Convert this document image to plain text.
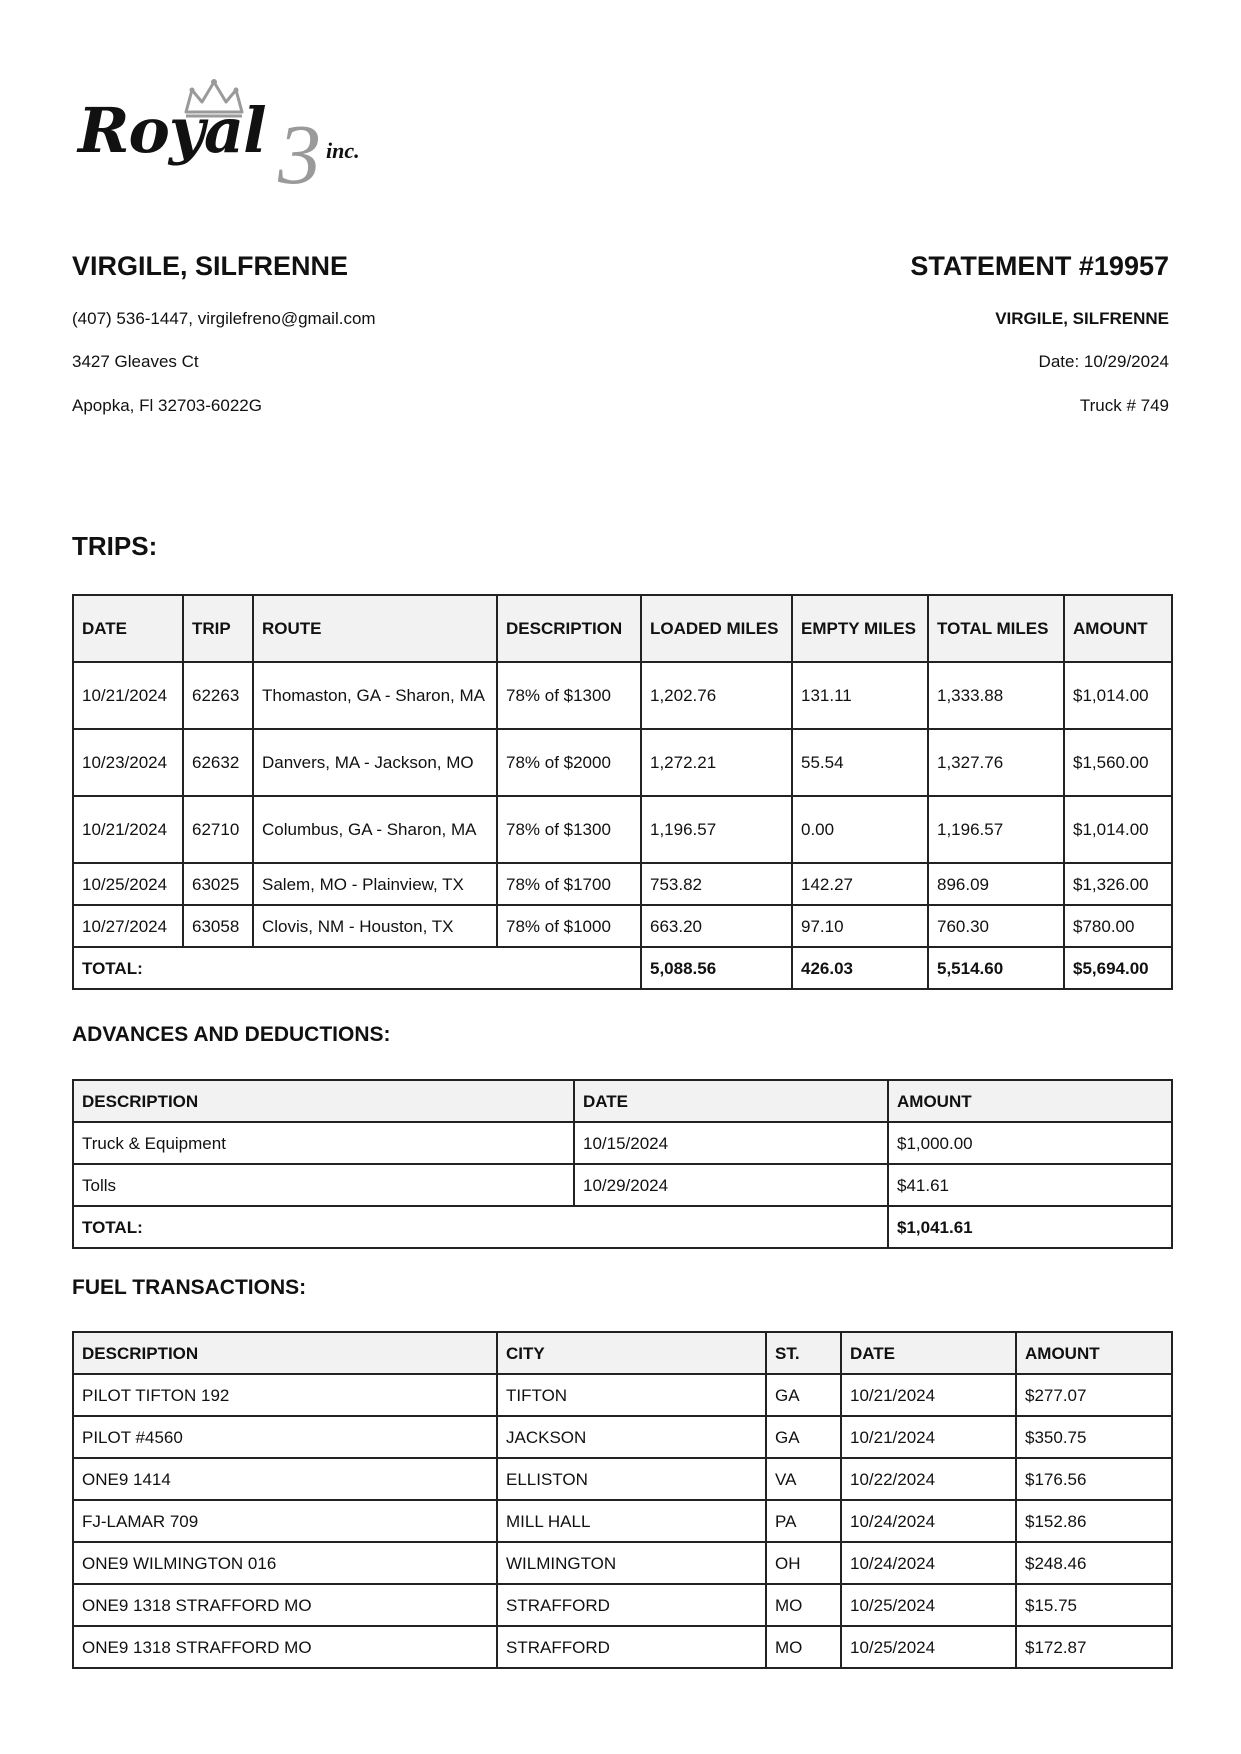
3
Royal	inc.
VIRGILE, SILFRENNE
(407) 536-1447, virgilefreno@gmail.com
3427 Gleaves Ct
Apopka, Fl 32703-6022G
STATEMENT #19957
VIRGILE, SILFRENNE
Date: 10/29/2024
Truck # 749
TRIPS:
DATE	TRIP	ROUTE	DESCRIPTION	LOADED MILES	EMPTY MILES	TOTAL MILES	AMOUNT
10/21/2024	62263	Thomaston, GA - Sharon, MA	78% of $1300	1,202.76	131.11	1,333.88	$1,014.00
10/23/2024	62632	Danvers, MA - Jackson, MO	78% of $2000	1,272.21	55.54	1,327.76	$1,560.00
10/21/2024	62710	Columbus, GA - Sharon, MA	78% of $1300	1,196.57	0.00	1,196.57	$1,014.00
10/25/2024	63025	Salem, MO - Plainview, TX	78% of $1700	753.82	142.27	896.09	$1,326.00
10/27/2024	63058	Clovis, NM - Houston, TX	78% of $1000	663.20	97.10	760.30	$780.00
TOTAL:				5,088.56	426.03	5,514.60	$5,694.00
ADVANCES AND DEDUCTIONS:
DESCRIPTION	DATE	AMOUNT
Truck & Equipment	10/15/2024	$1,000.00
Tolls	10/29/2024	$41.61
TOTAL:		$1,041.61
FUEL TRANSACTIONS:
DESCRIPTION	CITY	ST.	DATE	AMOUNT
PILOT TIFTON 192	TIFTON	GA	10/21/2024	$277.07
PILOT #4560	JACKSON	GA	10/21/2024	$350.75
ONE9 1414	ELLISTON	VA	10/22/2024	$176.56
FJ-LAMAR 709	MILL HALL	PA	10/24/2024	$152.86
ONE9 WILMINGTON 016	WILMINGTON	OH	10/24/2024	$248.46
ONE9 1318 STRAFFORD MO	STRAFFORD	MO	10/25/2024	$15.75
ONE9 1318 STRAFFORD MO	STRAFFORD	MO	10/25/2024	$172.87
